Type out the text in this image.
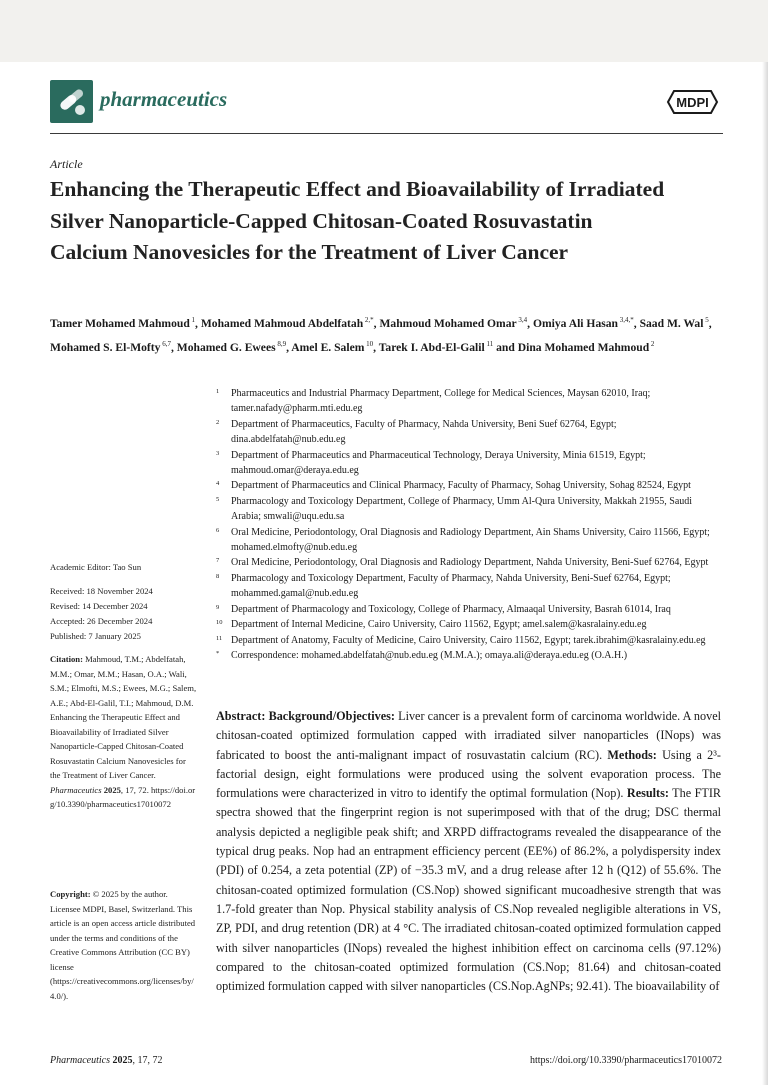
pharmaceutics	MDPI
Article
Enhancing the Therapeutic Effect and Bioavailability of Irradiated Silver Nanoparticle-Capped Chitosan-Coated Rosuvastatin Calcium Nanovesicles for the Treatment of Liver Cancer
Tamer Mohamed Mahmoud $^1$, Mohamed Mahmoud Abdelfatah $^{2,*}$, Mahmoud Mohamed Omar $^{3,4}$, Omiya Ali Hasan $^{3,4,*}$, Saad M. Wal $^5$, Mohamed S. El-Mofty $^{6,7}$, Mohamed G. Ewees $^{8,9}$, Amel E. Salem $^{10}$, Tarek I. Abd-El-Galil $^{11}$ and Dina Mohamed Mahmoud $^2$
1 Pharmaceutics and Industrial Pharmacy Department, College for Medical Sciences, Maysan 62010, Iraq; tamer.nafady@pharm.mti.edu.eg
2 Department of Pharmaceutics, Faculty of Pharmacy, Nahda University, Beni Suef 62764, Egypt; dina.abdelfatah@nub.edu.eg
3 Department of Pharmaceutics and Pharmaceutical Technology, Deraya University, Minia 61519, Egypt; mahmoud.omar@deraya.edu.eg
4 Department of Pharmaceutics and Clinical Pharmacy, Faculty of Pharmacy, Sohag University, Sohag 82524, Egypt
5 Pharmacology and Toxicology Department, College of Pharmacy, Umm Al-Qura University, Makkah 21955, Saudi Arabia; smwali@uqu.edu.sa
6 Oral Medicine, Periodontology, Oral Diagnosis and Radiology Department, Ain Shams University, Cairo 11566, Egypt; mohamed.elmofty@nub.edu.eg
7 Oral Medicine, Periodontology, Oral Diagnosis and Radiology Department, Nahda University, Beni-Suef 62764, Egypt
8 Pharmacology and Toxicology Department, Faculty of Pharmacy, Nahda University, Beni-Suef 62764, Egypt; mohammed.gamal@nub.edu.eg
9 Department of Pharmacology and Toxicology, College of Pharmacy, Almaaqal University, Basrah 61014, Iraq
10 Department of Internal Medicine, Cairo University, Cairo 11562, Egypt; amel.salem@kasralainy.edu.eg
11 Department of Anatomy, Faculty of Medicine, Cairo University, Cairo 11562, Egypt; tarek.ibrahim@kasralainy.edu.eg
* Correspondence: mohamed.abdelfatah@nub.edu.eg (M.M.A.); omaya.ali@deraya.edu.eg (O.A.H.)
Academic Editor: Tao Sun
Received: 18 November 2024
Revised: 14 December 2024
Accepted: 26 December 2024
Published: 7 January 2025
Citation: Mahmoud, T.M.; Abdelfatah, M.M.; Omar, M.M.; Hasan, O.A.; Wali, S.M.; Elmofti, M.S.; Ewees, M.G.; Salem, A.E.; Abd-El-Galil, T.I.; Mahmoud, D.M. Enhancing the Therapeutic Effect and Bioavailability of Irradiated Silver Nanoparticle-Capped Chitosan-Coated Rosuvastatin Calcium Nanovesicles for the Treatment of Liver Cancer. Pharmaceutics 2025, 17, 72. https://doi.org/10.3390/pharmaceutics17010072
Copyright: © 2025 by the author. Licensee MDPI, Basel, Switzerland. This article is an open access article distributed under the terms and conditions of the Creative Commons Attribution (CC BY) license (https://creativecommons.org/licenses/by/4.0/).
Abstract: Background/Objectives: Liver cancer is a prevalent form of carcinoma worldwide. A novel chitosan-coated optimized formulation capped with irradiated silver nanoparticles (INops) was fabricated to boost the anti-malignant impact of rosuvastatin calcium (RC). Methods: Using a 2³-factorial design, eight formulations were produced using the solvent evaporation process. The formulations were characterized in vitro to identify the optimal formulation (Nop). Results: The FTIR spectra showed that the fingerprint region is not superimposed with that of the drug; DSC thermal analysis depicted a negligible peak shift; and XRPD diffractograms revealed the disappearance of the typical drug peaks. Nop had an entrapment efficiency percent (EE%) of 86.2%, a polydispersity index (PDI) of 0.254, a zeta potential (ZP) of −35.3 mV, and a drug release after 12 h (Q12) of 55.6%. The chitosan-coated optimized formulation (CS.Nop) showed significant mucoadhesive strength that was 1.7-fold greater than Nop. Physical stability analysis of CS.Nop revealed negligible alterations in VS, ZP, PDI, and drug retention (DR) at 4 °C. The irradiated chitosan-coated optimized formulation capped with silver nanoparticles (INops) revealed the highest inhibition effect on carcinoma cells (97.12%) compared to the chitosan-coated optimized formulation (CS.Nop; 81.64) and chitosan-coated optimized formulation capped with silver nanoparticles (CS.Nop.AgNPs; 92.41). The bioavailability of
Pharmaceutics 2025, 17, 72	https://doi.org/10.3390/pharmaceutics17010072
